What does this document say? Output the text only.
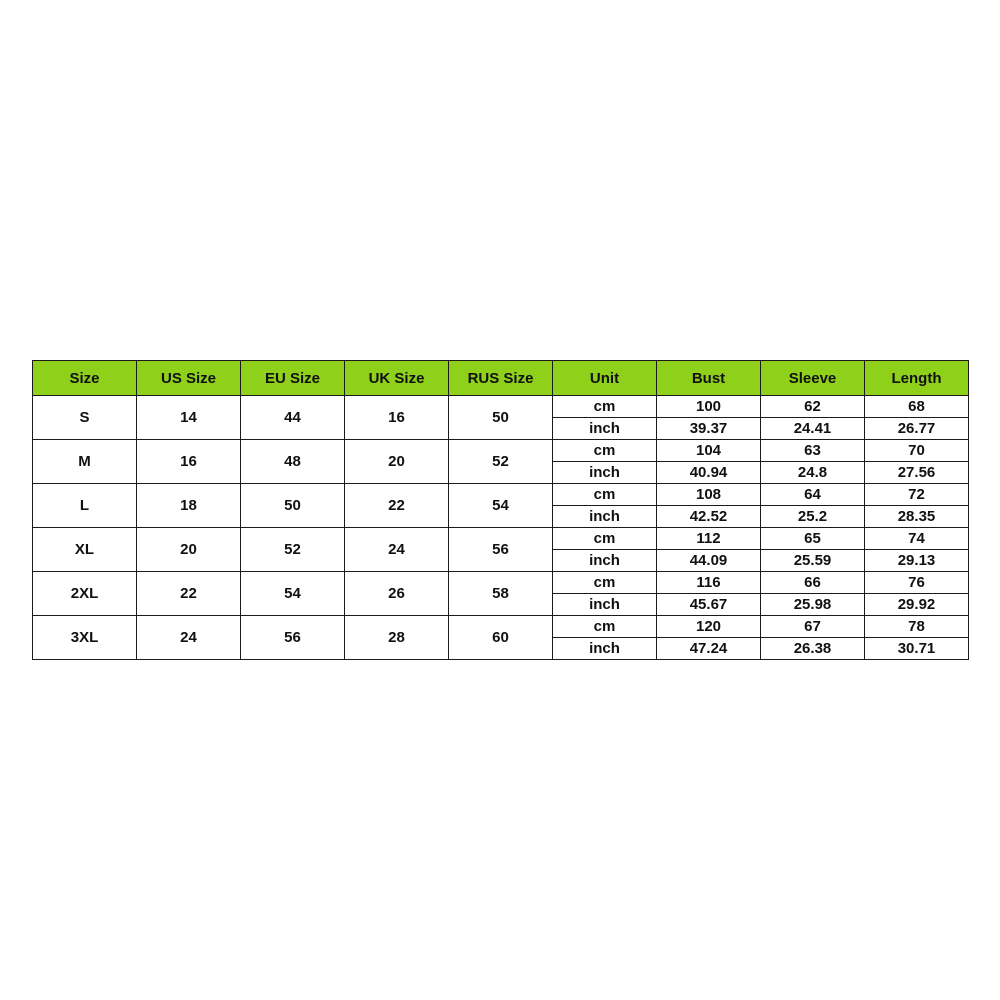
Size	US Size	EU Size	UK Size	RUS Size	Unit	Bust	Sleeve	Length
S	14	44	16	50	cm	100	62	68
					inch	39.37	24.41	26.77
M	16	48	20	52	cm	104	63	70
					inch	40.94	24.8	27.56
L	18	50	22	54	cm	108	64	72
					inch	42.52	25.2	28.35
XL	20	52	24	56	cm	112	65	74
					inch	44.09	25.59	29.13
2XL	22	54	26	58	cm	116	66	76
					inch	45.67	25.98	29.92
3XL	24	56	28	60	cm	120	67	78
					inch	47.24	26.38	30.71
